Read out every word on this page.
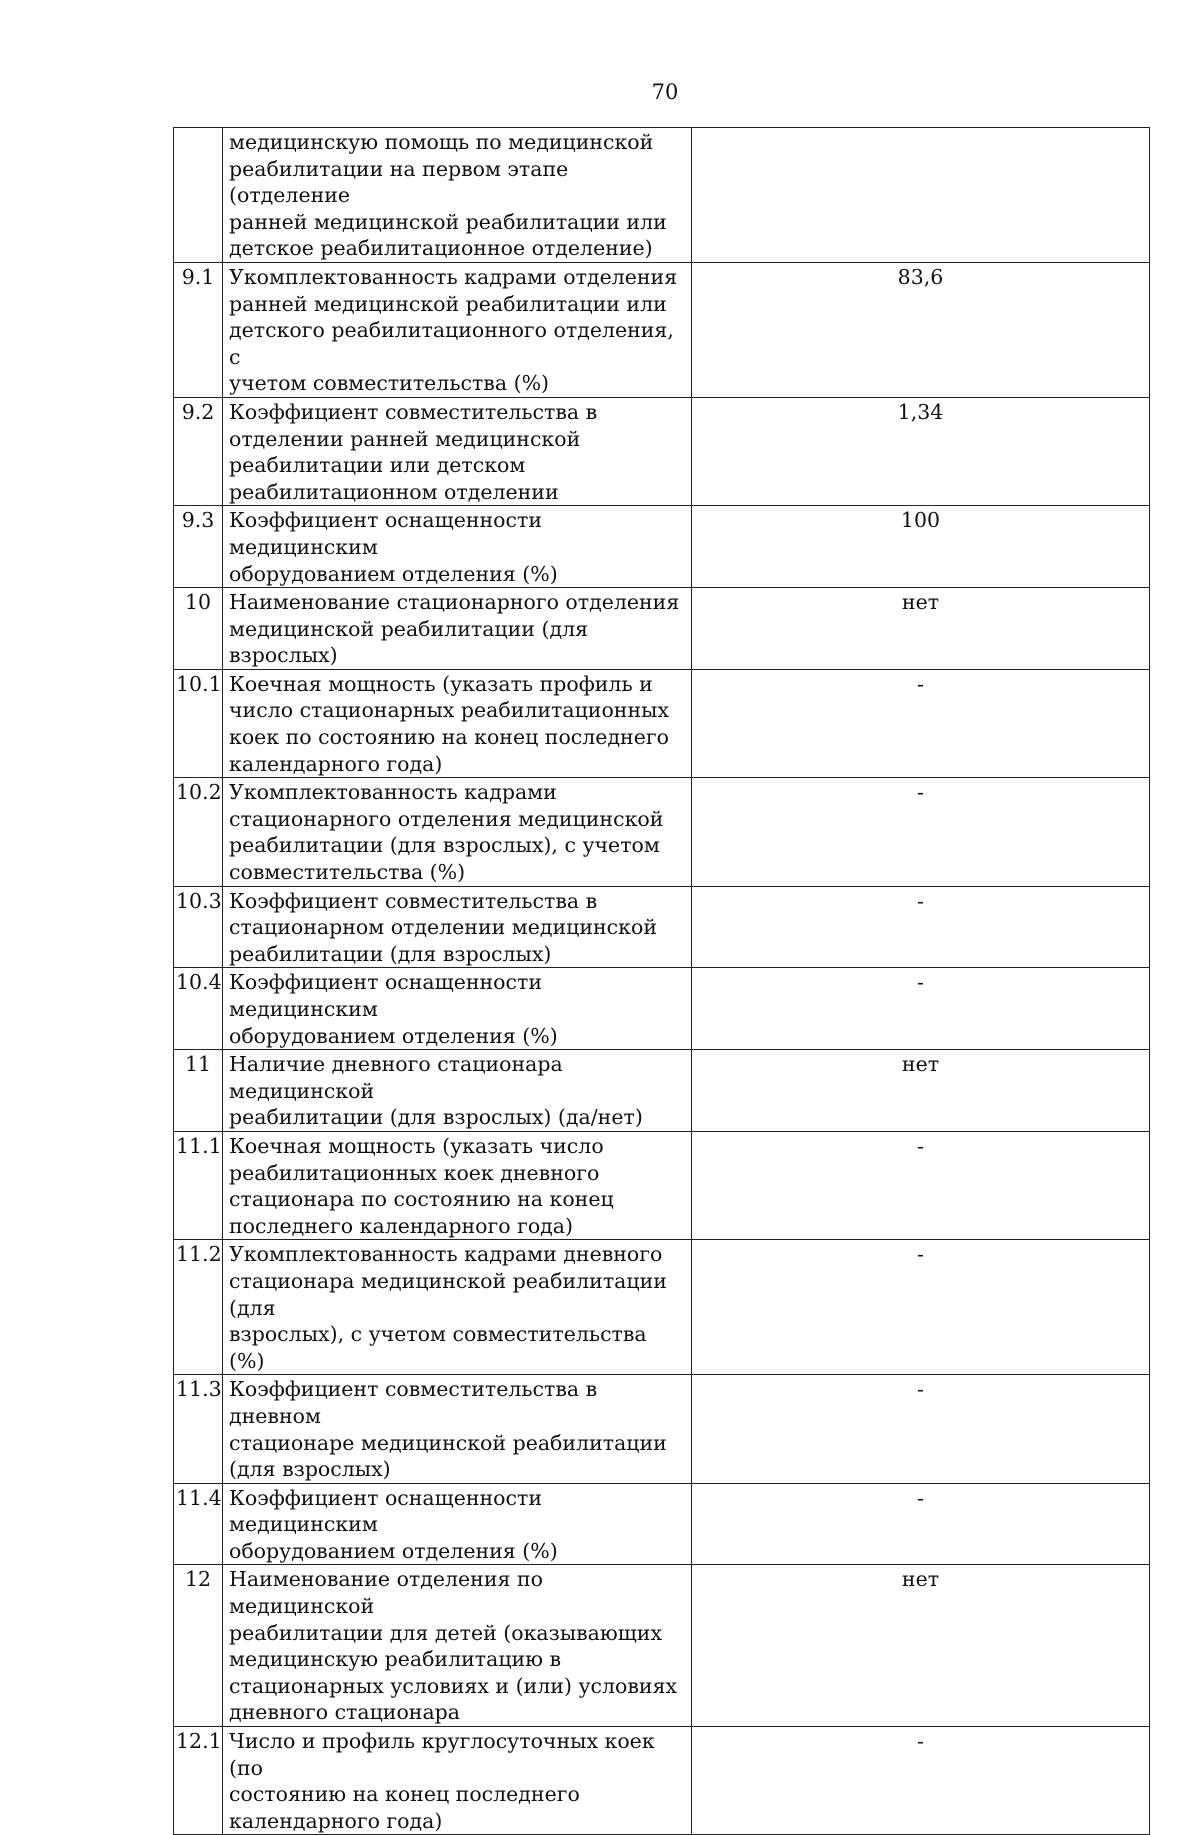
70

	медицинскую помощь по медицинской
реабилитации на первом этапе (отделение
ранней медицинской реабилитации или
детское реабилитационное отделение)	

9.1	Укомплектованность кадрами отделения
ранней медицинской реабилитации или
детского реабилитационного отделения, с
учетом совместительства (%)	83,6
9.2	Коэффициент совместительства в
отделении ранней медицинской
реабилитации или детском
реабилитационном отделении	1,34
9.3	Коэффициент оснащенности медицинским
оборудованием отделения (%)	100
10	Наименование стационарного отделения
медицинской реабилитации (для взрослых)	нет
10.1	Коечная мощность (указать профиль и
число стационарных реабилитационных
коек по состоянию на конец последнего
календарного года)	-
10.2	Укомплектованность кадрами
стационарного отделения медицинской
реабилитации (для взрослых), с учетом
совместительства (%)	-
10.3	Коэффициент совместительства в
стационарном отделении медицинской
реабилитации (для взрослых)	-
10.4	Коэффициент оснащенности медицинским
оборудованием отделения (%)	-
11	Наличие дневного стационара медицинской
реабилитации (для взрослых) (да/нет)	нет
11.1	Коечная мощность (указать число
реабилитационных коек дневного
стационара по состоянию на конец
последнего календарного года)	-
11.2	Укомплектованность кадрами дневного
стационара медицинской реабилитации (для
взрослых), с учетом совместительства (%)	-
11.3	Коэффициент совместительства в дневном
стационаре медицинской реабилитации
(для взрослых)	-
11.4	Коэффициент оснащенности медицинским
оборудованием отделения (%)	-
12	Наименование отделения по медицинской
реабилитации для детей (оказывающих
медицинскую реабилитацию в
стационарных условиях и (или) условиях
дневного стационара	нет
12.1	Число и профиль круглосуточных коек (по
состоянию на конец последнего
календарного года)	-
